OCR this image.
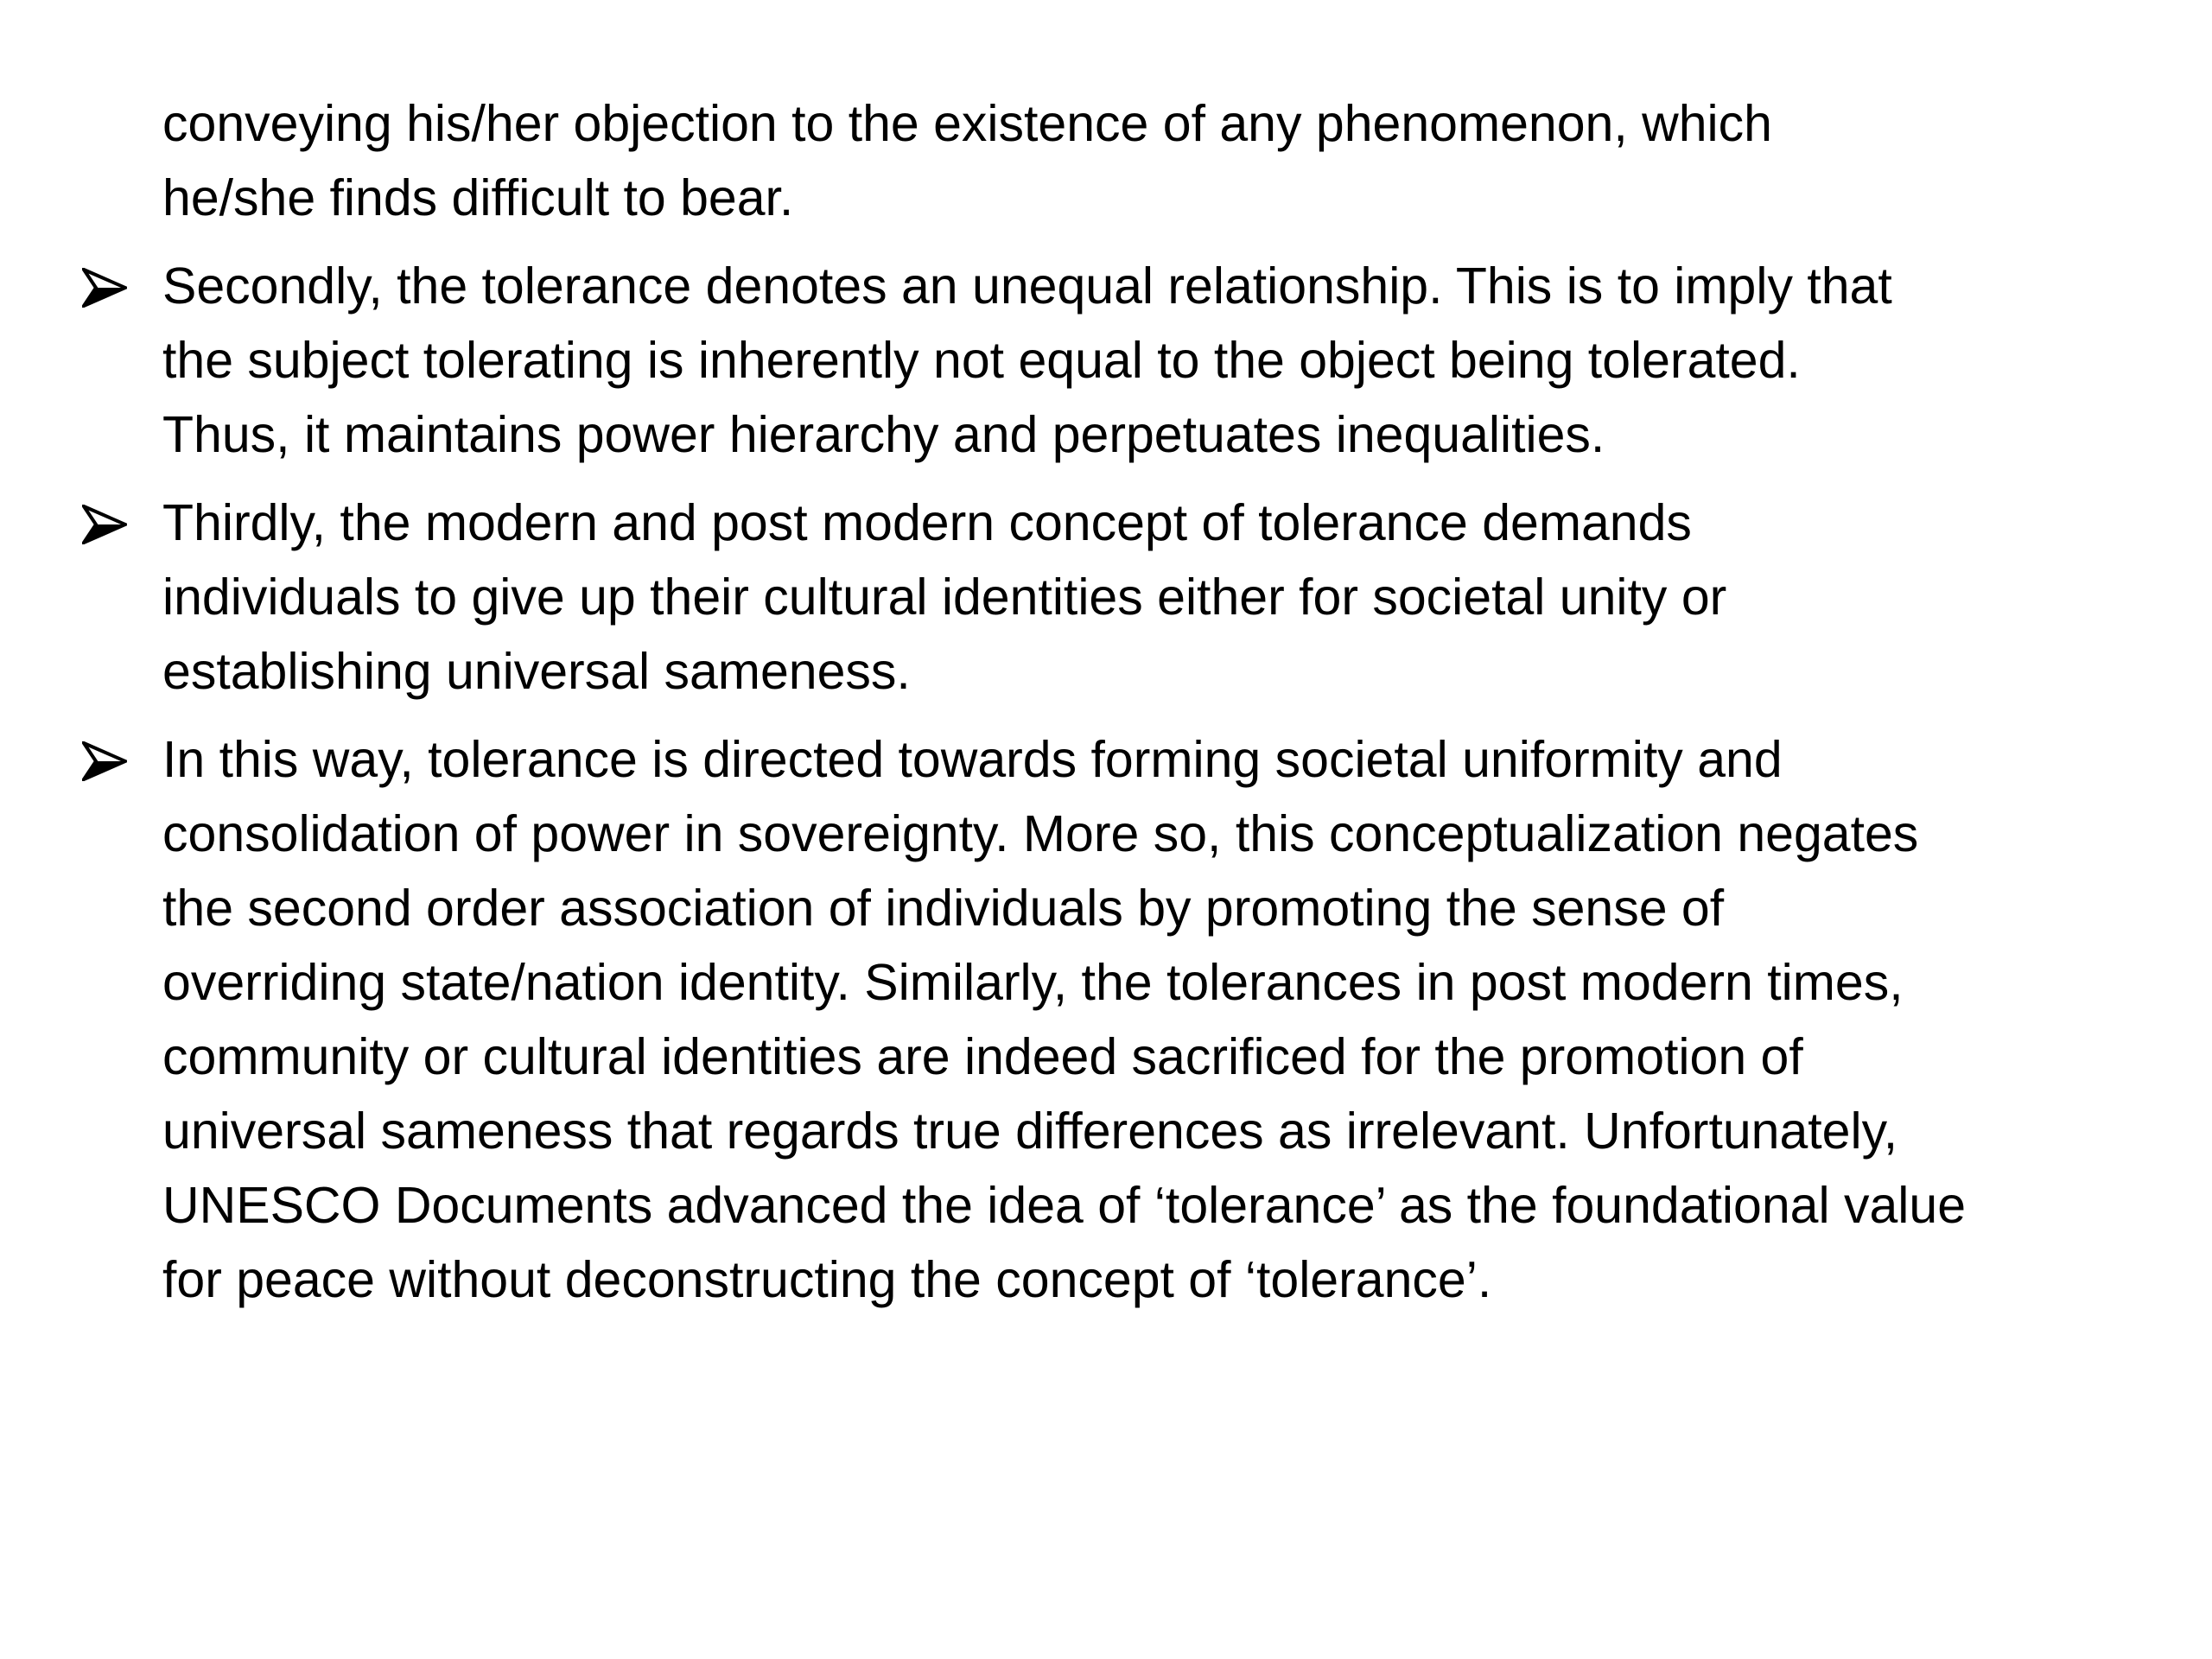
conveying his/her objection to the existence of any phenomenon, which
he/she finds difficult to bear.

Secondly, the tolerance denotes an unequal relationship. This is to imply that
the subject tolerating is inherently not equal to the object being tolerated.
Thus, it maintains power hierarchy and perpetuates inequalities.

Thirdly, the modern and post modern concept of tolerance demands
individuals to give up their cultural identities either for societal unity or
establishing universal sameness.

In this way, tolerance is directed towards forming societal uniformity and
consolidation of power in sovereignty. More so, this conceptualization negates
the second order association of individuals by promoting the sense of
overriding state/nation identity. Similarly, the tolerances in post modern times,
community or cultural identities are indeed sacrificed for the promotion of
universal sameness that regards true differences as irrelevant. Unfortunately,
UNESCO Documents advanced the idea of ‘tolerance’ as the foundational value
for peace without deconstructing the concept of ‘tolerance’.
